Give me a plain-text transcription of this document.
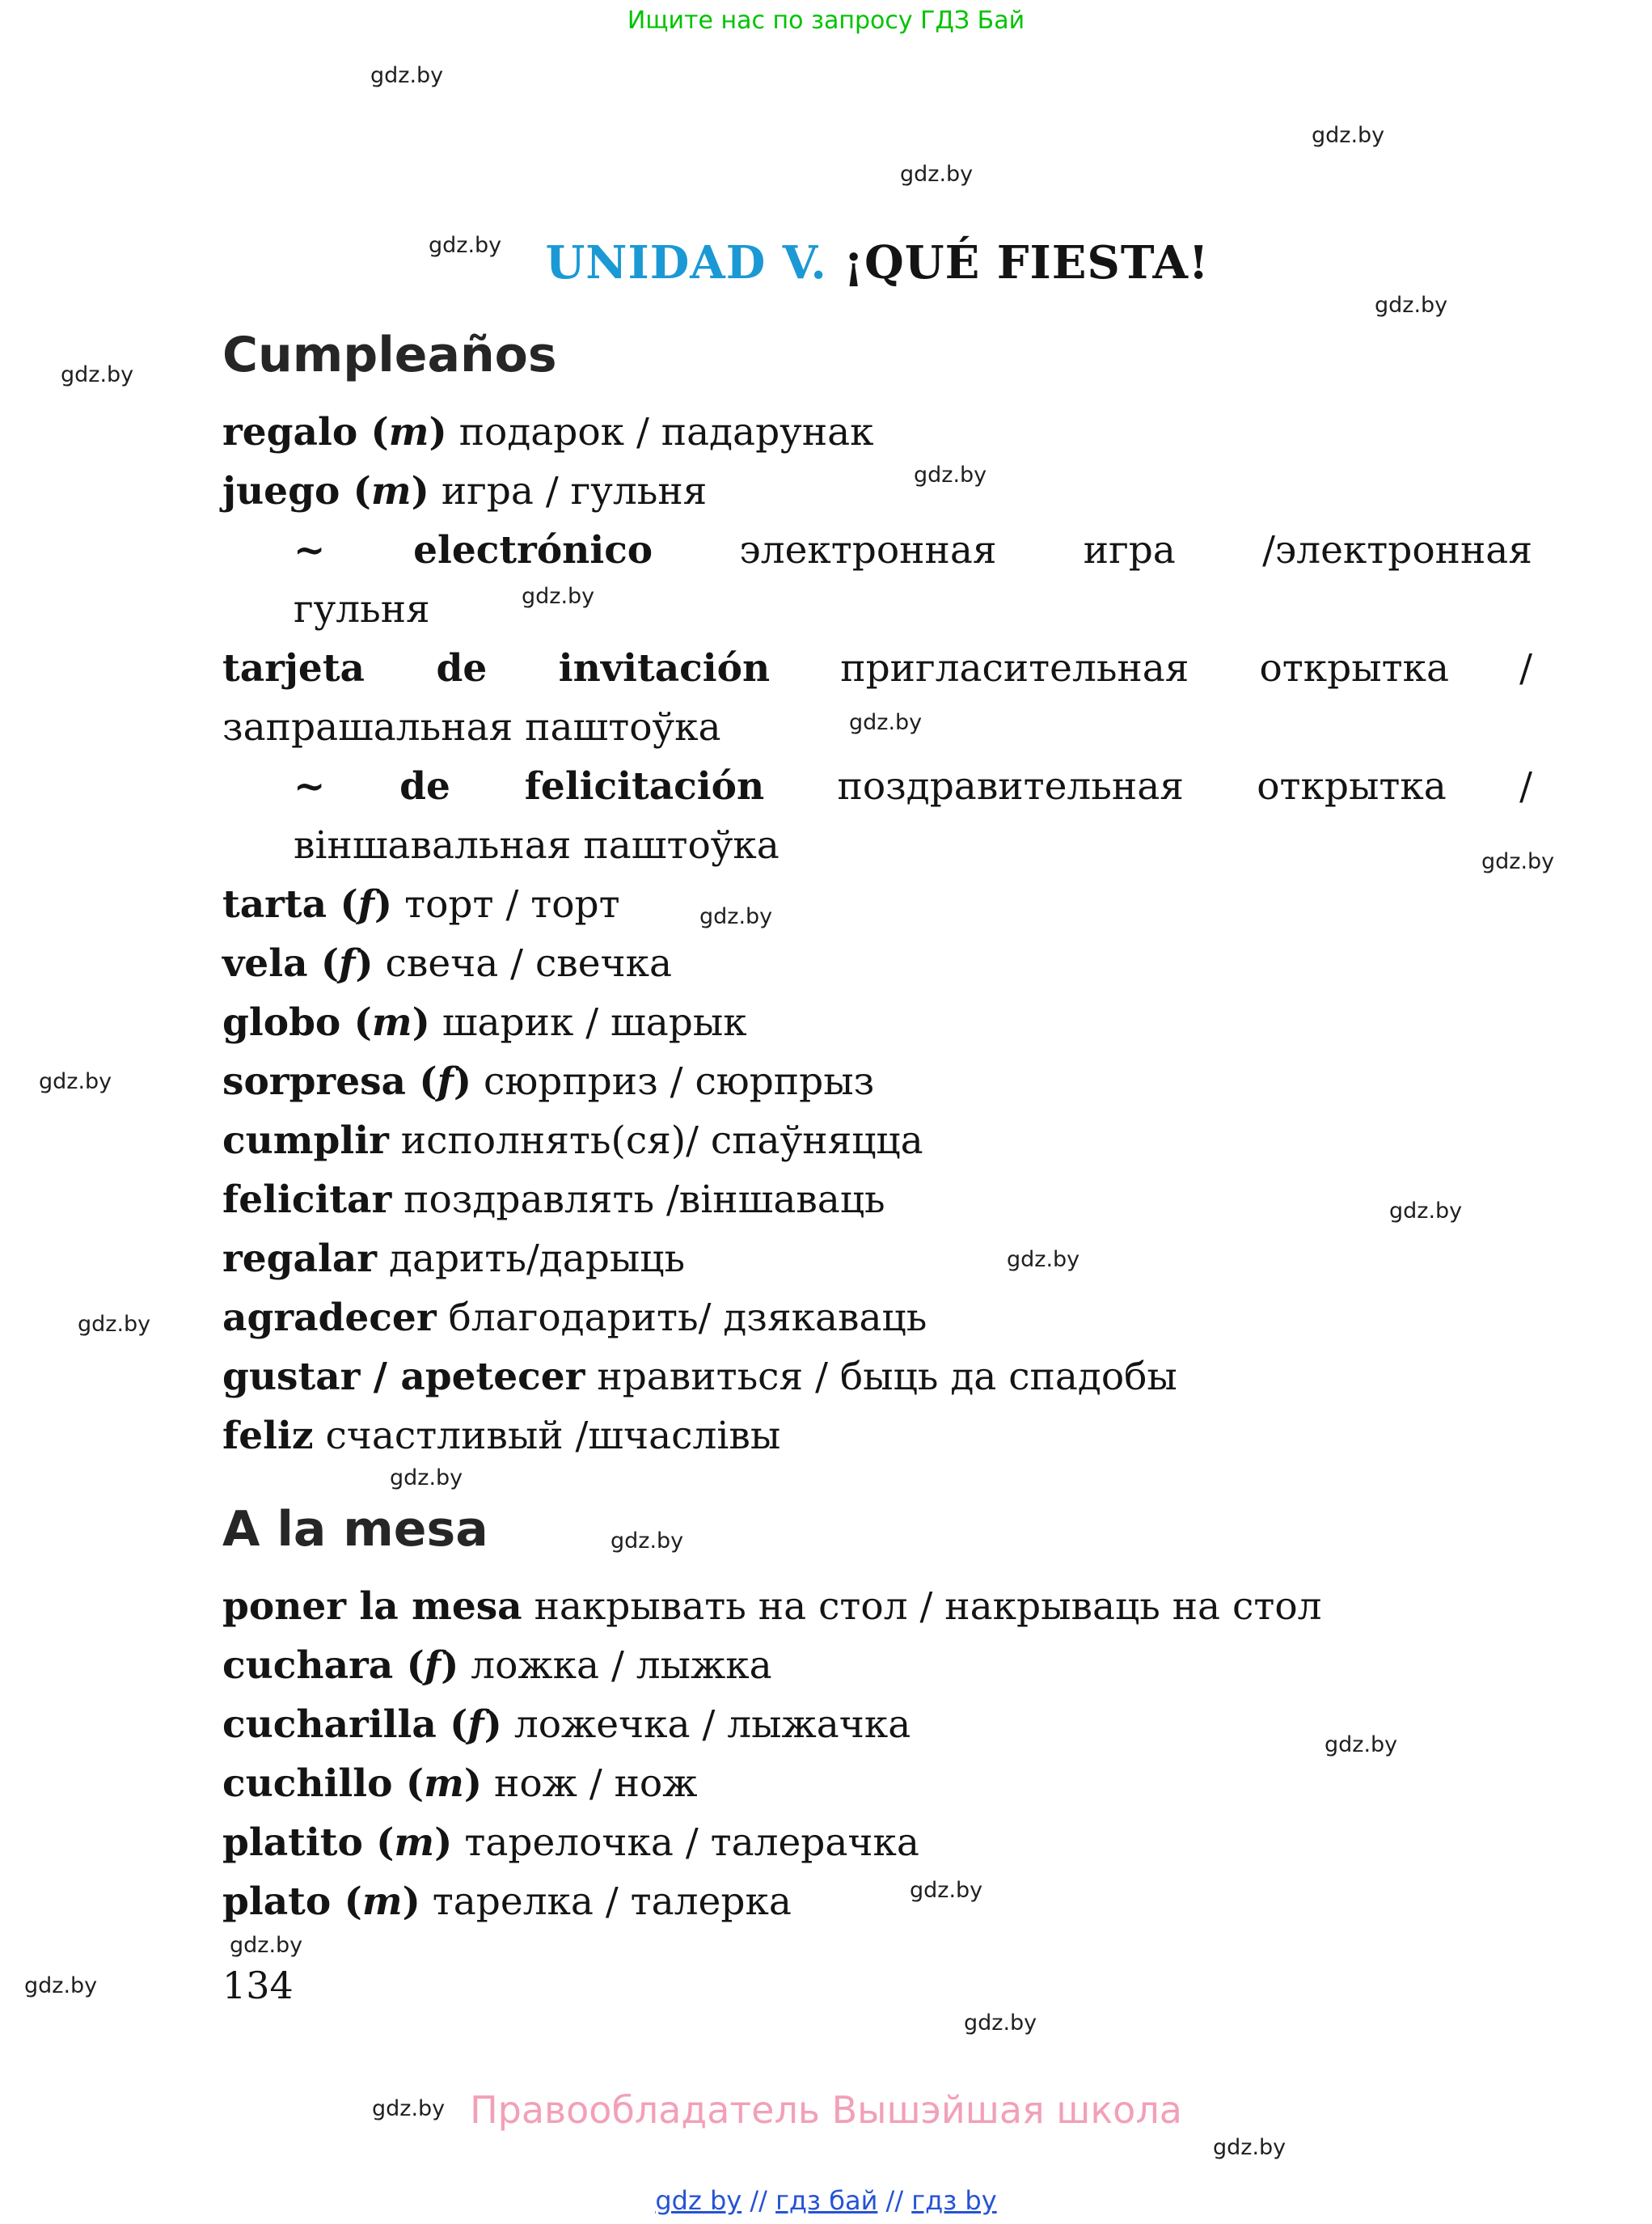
Ищите нас по запросу ГДЗ Бай
gdz.by
gdz.by
gdz.by
gdz.by
gdz.by
gdz.by
gdz.by
gdz.by
gdz.by
gdz.by
gdz.by
gdz.by
gdz.by
gdz.by
gdz.by
gdz.by
gdz.by
gdz.by
gdz.by
gdz.by
gdz.by
gdz.by
gdz.by
gdz.by
UNIDAD V. ¡QUÉ FIESTA!
Cumpleaños
regalo (m) подарок / падарунак
juego (m) игра / гульня
~ electrónico электронная игра /электронная
гульня
tarjeta de invitación пригласительная открытка /
запрашальная паштоўка
~ de felicitación поздравительная открытка /
віншавальная паштоўка
tarta (f) торт / торт
vela (f) свеча / свечка
globo (m) шарик / шарык
sorpresa (f) сюрприз / сюрпрыз
cumplir исполнять(ся)/ спаўняцца
felicitar поздравлять /віншаваць
regalar дарить/дарыць
agradecer благодарить/ дзякаваць
gustar / apetecer нравиться / быць да спадобы
feliz счастливый /шчаслівы
A la mesa
poner la mesa накрывать на стол / накрываць на стол
cuchara (f) ложка / лыжка
cucharilla (f) ложечка / лыжачка
cuchillo (m) нож / нож
platito (m) тарелочка / талерачка
plato (m) тарелка / талерка
134
Правообладатель Вышэйшая школа
gdz by // гдз бай // гдз by
